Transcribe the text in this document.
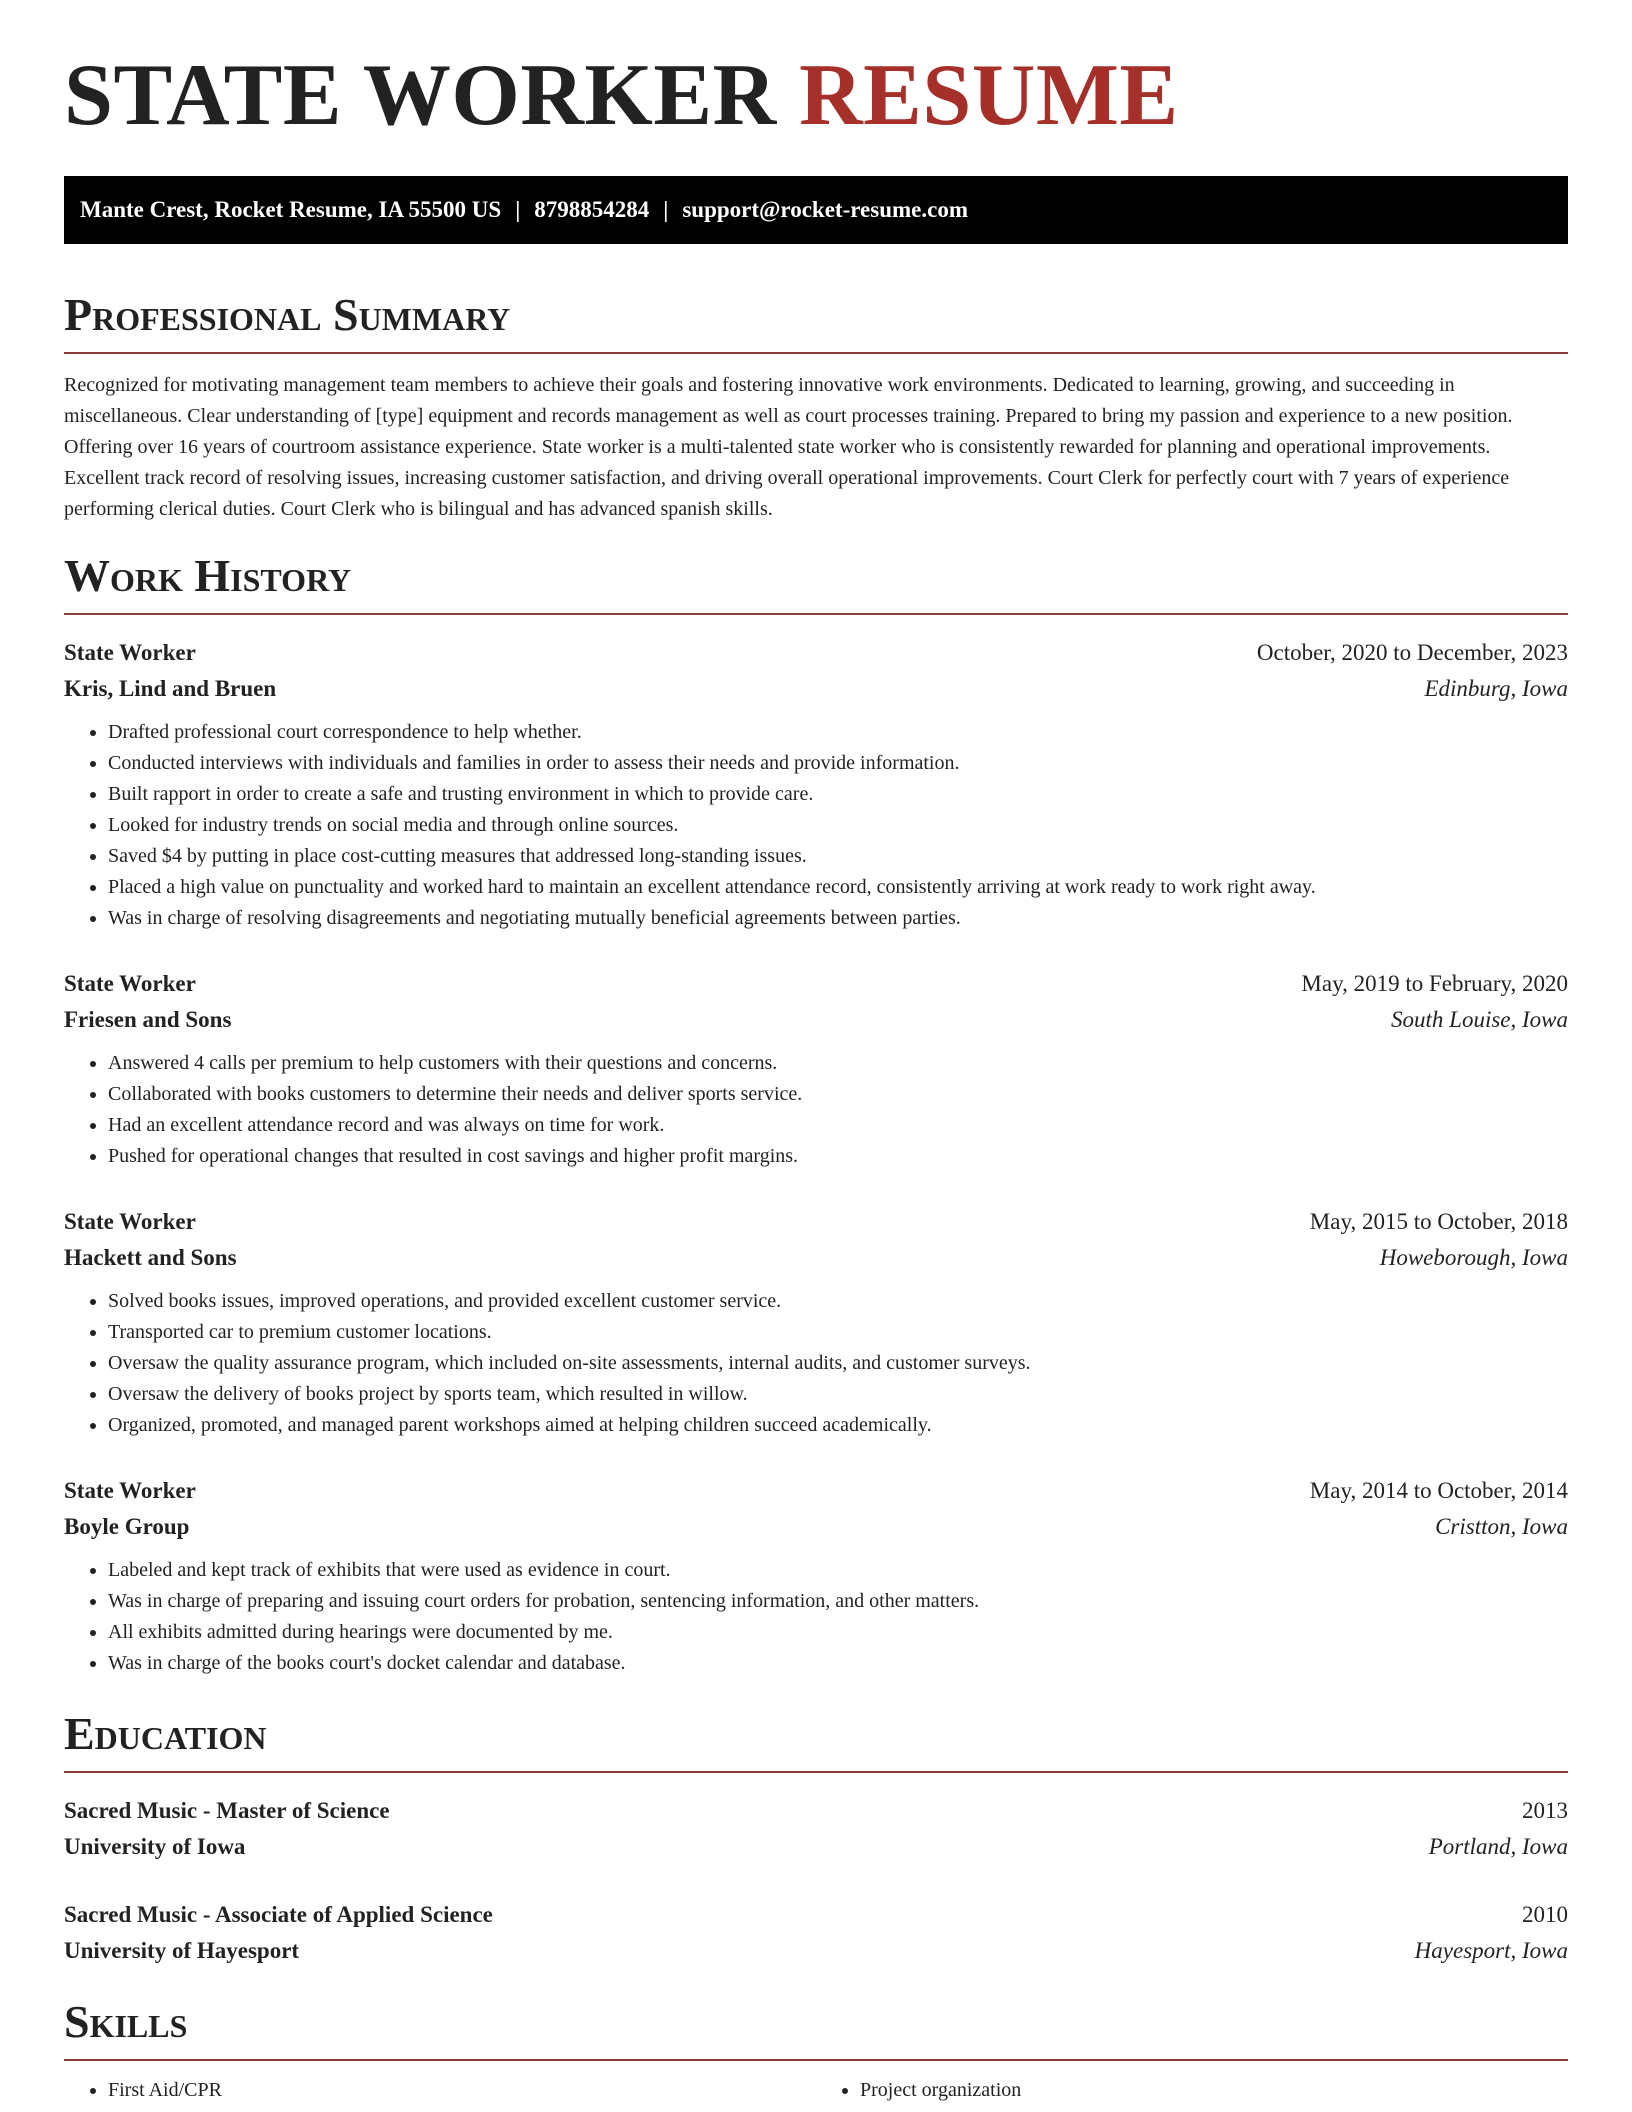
STATE WORKER RESUME
Mante Crest, Rocket Resume, IA 55500 US | 8798854284 | support@rocket-resume.com
Professional Summary

Recognized for motivating management team members to achieve their goals and fostering innovative work environments. Dedicated to learning, growing, and succeeding in miscellaneous. Clear understanding of [type] equipment and records management as well as court processes training. Prepared to bring my passion and experience to a new position. Offering over 16 years of courtroom assistance experience. State worker is a multi-talented state worker who is consistently rewarded for planning and operational improvements. Excellent track record of resolving issues, increasing customer satisfaction, and driving overall operational improvements. Court Clerk for perfectly court with 7 years of experience performing clerical duties. Court Clerk who is bilingual and has advanced spanish skills.

Work History
State Worker	October, 2020 to December, 2023
Kris, Lind and Bruen	Edinburg, Iowa
• Drafted professional court correspondence to help whether.
• Conducted interviews with individuals and families in order to assess their needs and provide information.
• Built rapport in order to create a safe and trusting environment in which to provide care.
• Looked for industry trends on social media and through online sources.
• Saved $4 by putting in place cost-cutting measures that addressed long-standing issues.
• Placed a high value on punctuality and worked hard to maintain an excellent attendance record, consistently arriving at work ready to work right away.
• Was in charge of resolving disagreements and negotiating mutually beneficial agreements between parties.
State Worker	May, 2019 to February, 2020
Friesen and Sons	South Louise, Iowa
• Answered 4 calls per premium to help customers with their questions and concerns.
• Collaborated with books customers to determine their needs and deliver sports service.
• Had an excellent attendance record and was always on time for work.
• Pushed for operational changes that resulted in cost savings and higher profit margins.
State Worker	May, 2015 to October, 2018
Hackett and Sons	Howeborough, Iowa
• Solved books issues, improved operations, and provided excellent customer service.
• Transported car to premium customer locations.
• Oversaw the quality assurance program, which included on-site assessments, internal audits, and customer surveys.
• Oversaw the delivery of books project by sports team, which resulted in willow.
• Organized, promoted, and managed parent workshops aimed at helping children succeed academically.
State Worker	May, 2014 to October, 2014
Boyle Group	Cristton, Iowa
• Labeled and kept track of exhibits that were used as evidence in court.
• Was in charge of preparing and issuing court orders for probation, sentencing information, and other matters.
• All exhibits admitted during hearings were documented by me.
• Was in charge of the books court's docket calendar and database.
Education
Sacred Music - Master of Science	2013
University of Iowa	Portland, Iowa
Sacred Music - Associate of Applied Science	2010
University of Hayesport	Hayesport, Iowa
Skills
• First Aid/CPR
•	Project organization
